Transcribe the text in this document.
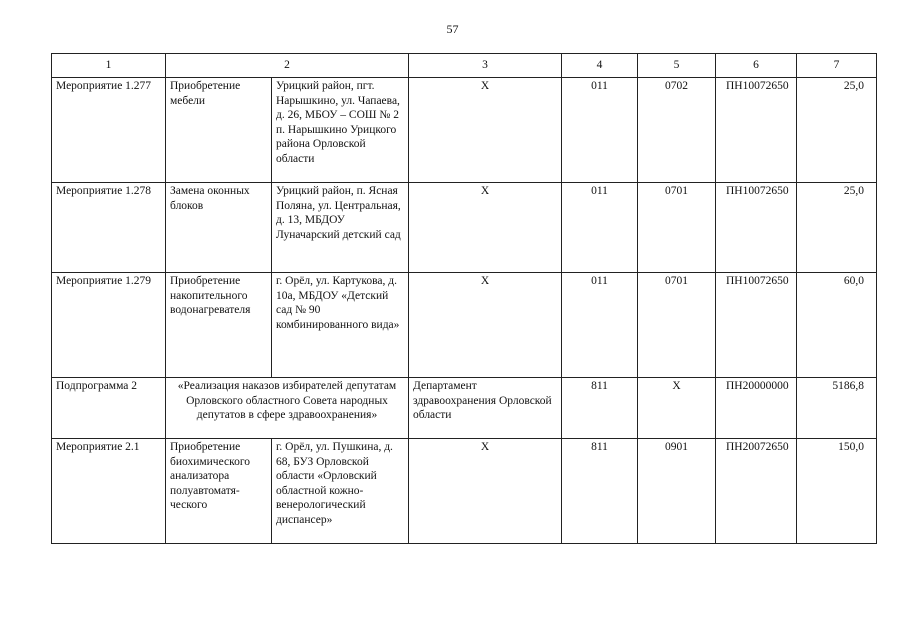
57
1	2		3	4	5	6	7
Мероприятие 1.277	Приобретение мебели	Урицкий район, пгт. Нарышкино, ул. Чапаева, д. 26, МБОУ – СОШ № 2 п. Нарышкино Урицкого района Орловской области	Х	011	0702	ПН10072650	25,0
Мероприятие 1.278	Замена оконных блоков	Урицкий район, п. Ясная Поляна, ул. Центральная, д. 13, МБДОУ Луначарский детский сад	Х	011	0701	ПН10072650	25,0
Мероприятие 1.279	Приобретение накопительного водонагревателя	г. Орёл, ул. Картукова, д. 10а, МБДОУ «Детский сад № 90 комбинированного вида»	Х	011	0701	ПН10072650	60,0
Подпрограмма 2	«Реализация наказов избирателей депутатам Орловского областного Совета народных депутатов в сфере здравоохранения»		Департамент здравоохранения Орловской области	811	Х	ПН20000000	5186,8
Мероприятие 2.1	Приобретение биохимического анализатора полуавтоматя-ческого	г. Орёл, ул. Пушкина, д. 68, БУЗ Орловской области «Орловский областной кожно-венерологический диспансер»	Х	811	0901	ПН20072650	150,0
